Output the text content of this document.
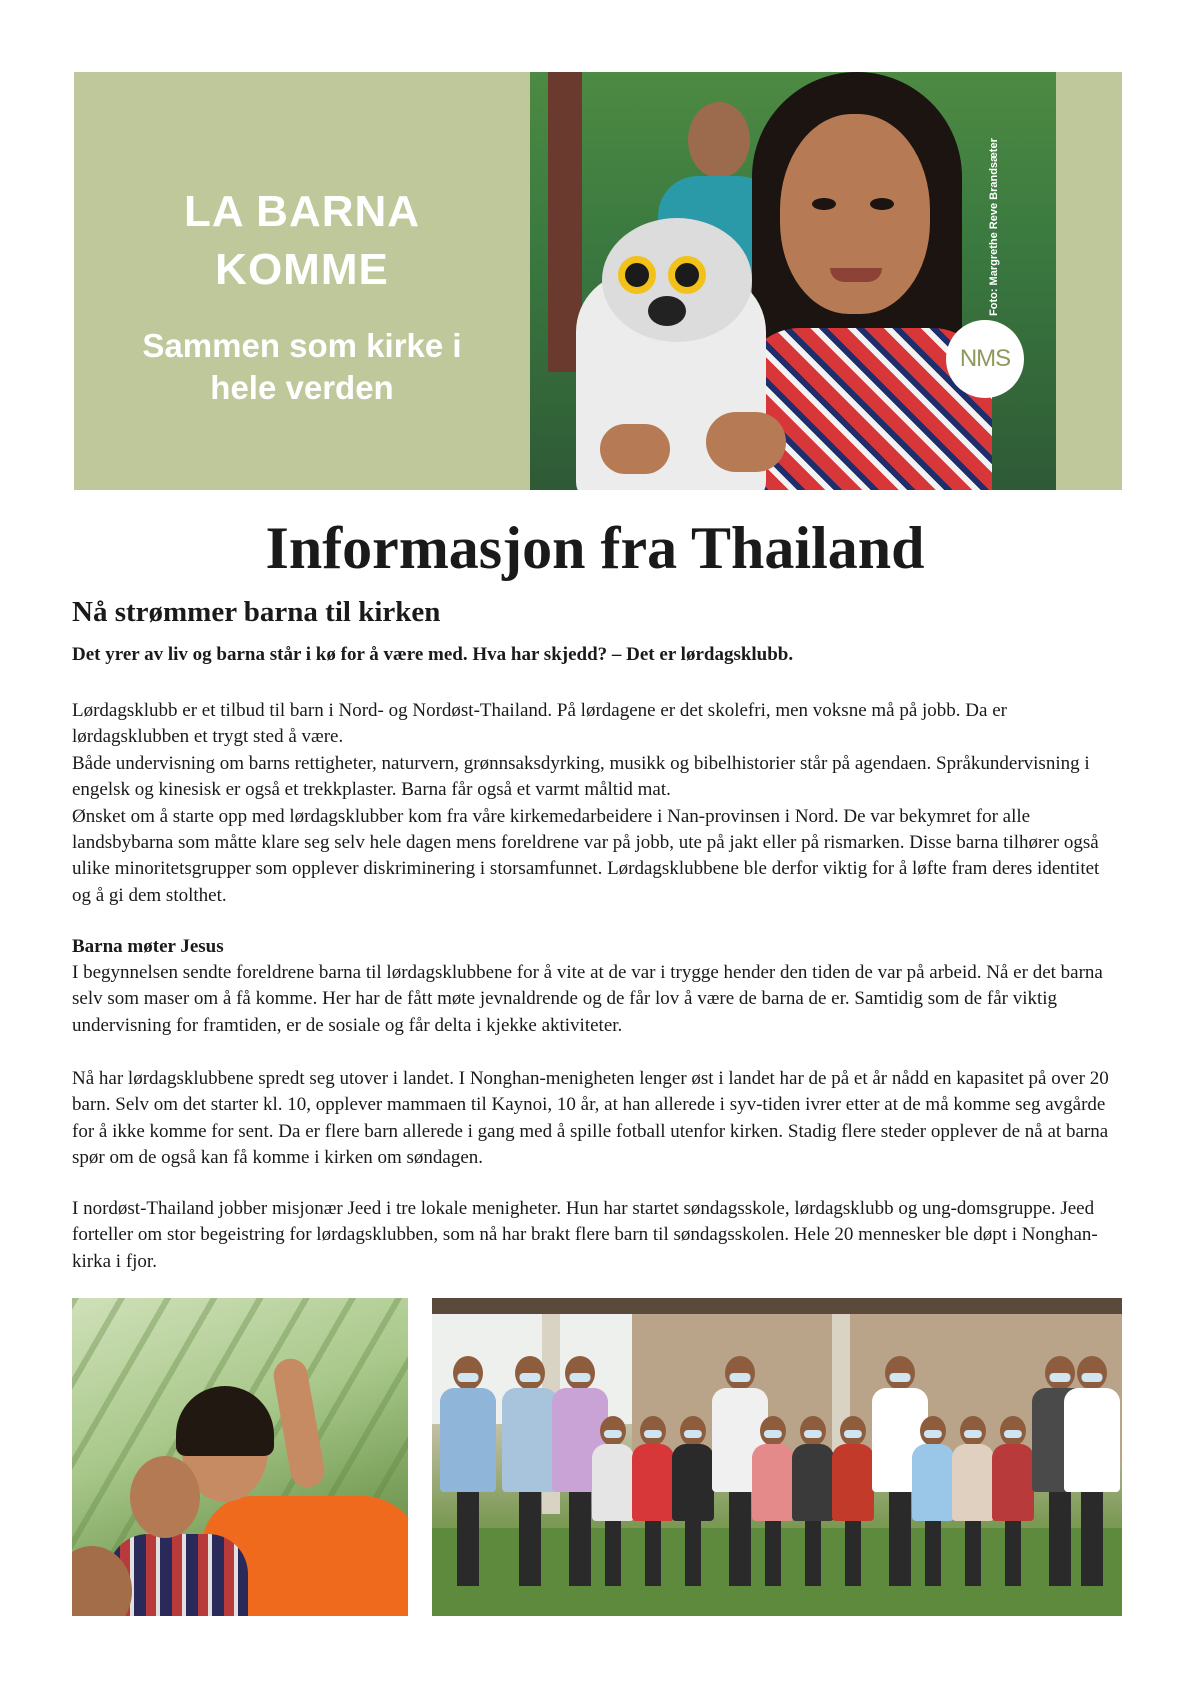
LA BARNA KOMME
Sammen som kirke i hele verden
Foto: Margrethe Reve Brandsæter
NMS
Informasjon fra Thailand
Nå strømmer barna til kirken

Det yrer av liv og barna står i kø for å være med. Hva har skjedd? – Det er lørdagsklubb.

Lørdagsklubb er et tilbud til barn i Nord- og Nordøst-Thailand. På lørdagene er det skolefri, men voksne må på jobb. Da er lørdagsklubben et trygt sted å være.

Både undervisning om barns rettigheter, naturvern, grønnsaksdyrking, musikk og bibelhistorier står på agendaen. Språkundervisning i engelsk og kinesisk er også et trekkplaster. Barna får også et varmt måltid mat.

Ønsket om å starte opp med lørdagsklubber kom fra våre kirkemedarbeidere i Nan-provinsen i Nord. De var bekymret for alle landsbybarna som måtte klare seg selv hele dagen mens foreldrene var på jobb, ute på jakt eller på rismarken. Disse barna tilhører også ulike minoritetsgrupper som opplever diskriminering i storsamfunnet. Lørdagsklubbene ble derfor viktig for å løfte fram deres identitet og å gi dem stolthet.

Barna møter Jesus

I begynnelsen sendte foreldrene barna til lørdagsklubbene for å vite at de var i trygge hender den tiden de var på arbeid. Nå er det barna selv som maser om å få komme. Her har de fått møte jevnaldrende og de får lov å være de barna de er. Samtidig som de får viktig undervisning for framtiden, er de sosiale og får delta i kjekke aktiviteter.

Nå har lørdagsklubbene spredt seg utover i landet. I Nonghan-menigheten lenger øst i landet har de på et år nådd en kapasitet på over 20 barn. Selv om det starter kl. 10, opplever mammaen til Kaynoi, 10 år, at han allerede i syv-tiden ivrer etter at de må komme seg avgårde for å ikke komme for sent. Da er flere barn allerede i gang med å spille fotball utenfor kirken. Stadig flere steder opplever de nå at barna spør om de også kan få komme i kirken om søndagen.

I nordøst-Thailand jobber misjonær Jeed i tre lokale menigheter. Hun har startet søndagsskole, lørdagsklubb og ung-domsgruppe. Jeed forteller om stor begeistring for lørdagsklubben, som nå har brakt flere barn til søndagsskolen. Hele 20 mennesker ble døpt i Nonghan-kirka i fjor.
